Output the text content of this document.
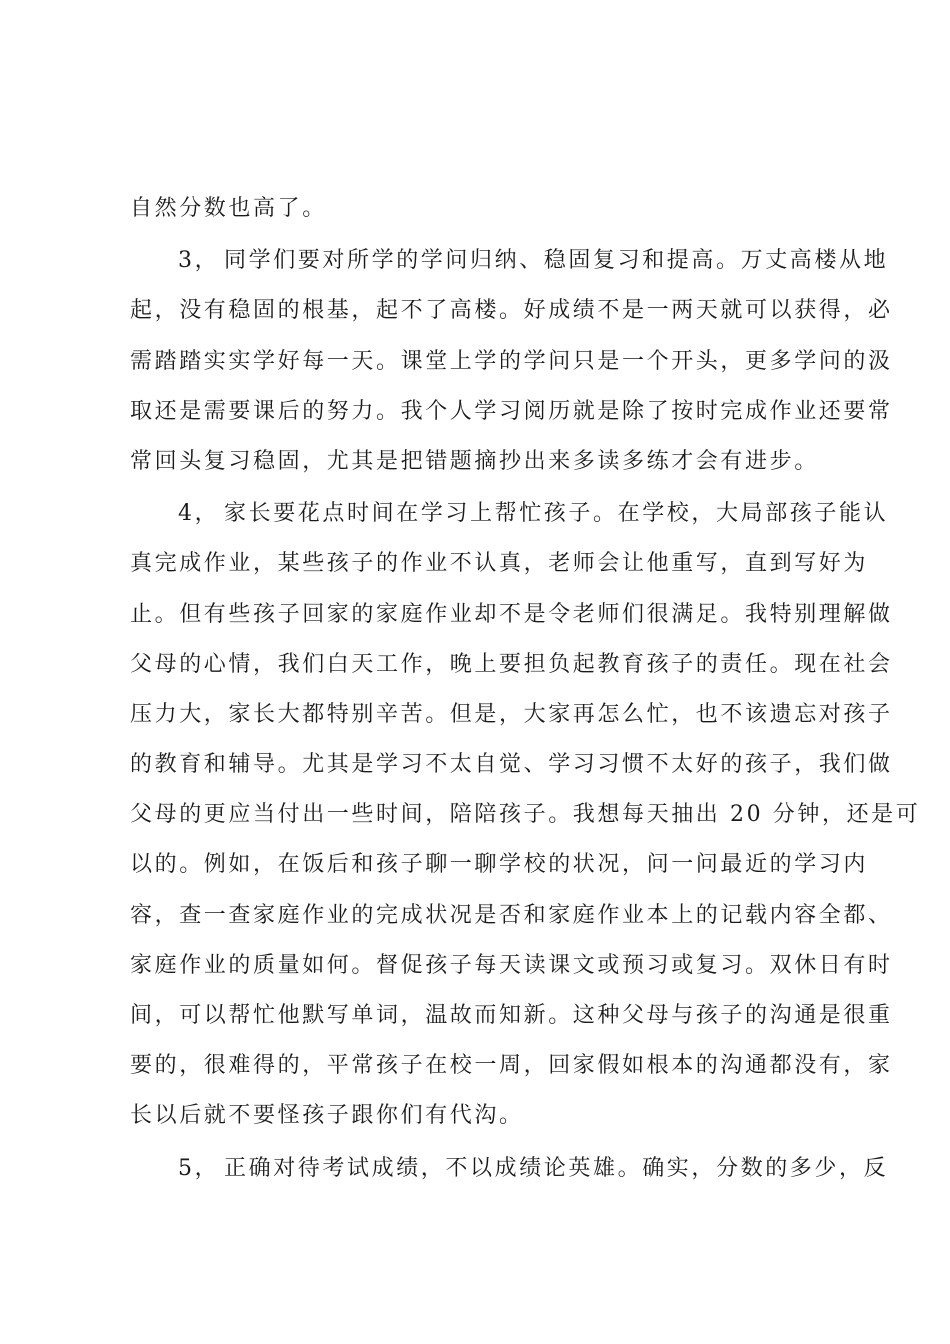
自然分数也高了。
3， 同学们要对所学的学问归纳、稳固复习和提高。万丈高楼从地
起，没有稳固的根基，起不了高楼。好成绩不是一两天就可以获得，必
需踏踏实实学好每一天。课堂上学的学问只是一个开头，更多学问的汲
取还是需要课后的努力。我个人学习阅历就是除了按时完成作业还要常
常回头复习稳固，尤其是把错题摘抄出来多读多练才会有进步。
4， 家长要花点时间在学习上帮忙孩子。在学校，大局部孩子能认
真完成作业，某些孩子的作业不认真，老师会让他重写，直到写好为
止。但有些孩子回家的家庭作业却不是令老师们很满足。我特别理解做
父母的心情，我们白天工作，晚上要担负起教育孩子的责任。现在社会
压力大，家长大都特别辛苦。但是，大家再怎么忙，也不该遗忘对孩子
的教育和辅导。尤其是学习不太自觉、学习习惯不太好的孩子，我们做
父母的更应当付出一些时间，陪陪孩子。我想每天抽出 20 分钟，还是可
以的。例如，在饭后和孩子聊一聊学校的状况，问一问最近的学习内
容，查一查家庭作业的完成状况是否和家庭作业本上的记载内容全都、
家庭作业的质量如何。督促孩子每天读课文或预习或复习。双休日有时
间，可以帮忙他默写单词，温故而知新。这种父母与孩子的沟通是很重
要的，很难得的，平常孩子在校一周，回家假如根本的沟通都没有，家
长以后就不要怪孩子跟你们有代沟。
5， 正确对待考试成绩，不以成绩论英雄。确实，分数的多少，反
